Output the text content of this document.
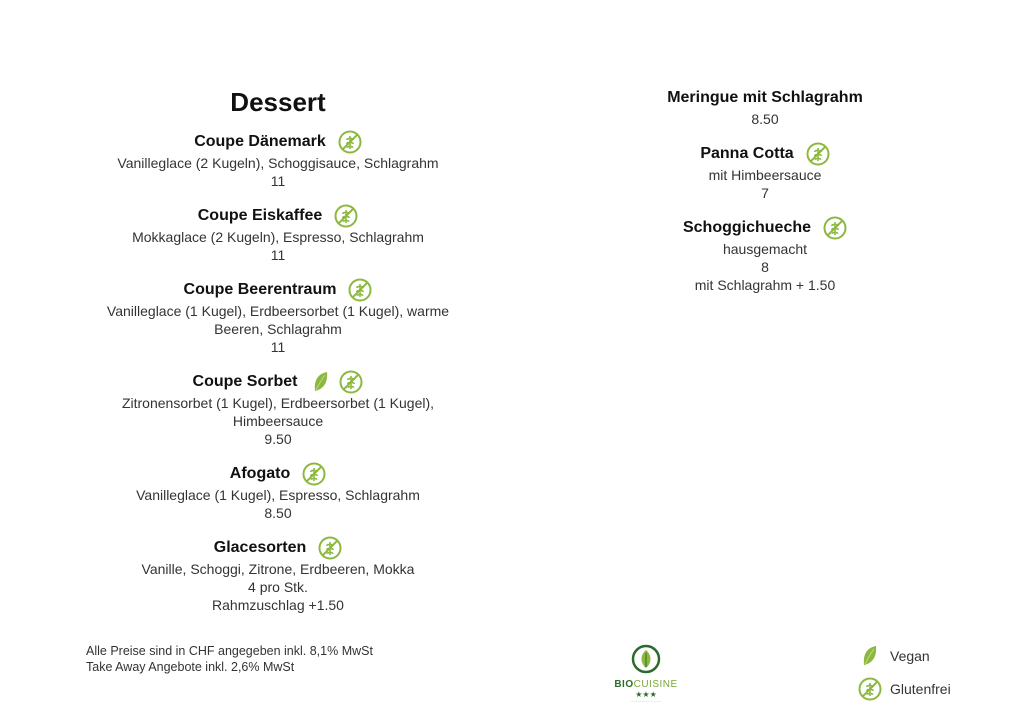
Dessert
Coupe Dänemark
Vanilleglace (2 Kugeln), Schoggisauce, Schlagrahm
11
Coupe Eiskaffee
Mokkaglace (2 Kugeln), Espresso, Schlagrahm
11
Coupe Beerentraum
Vanilleglace (1 Kugel), Erdbeersorbet (1 Kugel), warme
Beeren, Schlagrahm
11
Coupe Sorbet
Zitronensorbet (1 Kugel), Erdbeersorbet (1 Kugel),
Himbeersauce
9.50
Afogato
Vanilleglace (1 Kugel), Espresso, Schlagrahm
8.50
Glacesorten
Vanille, Schoggi, Zitrone, Erdbeeren, Mokka
4 pro Stk.
Rahmzuschlag +1.50
Meringue mit Schlagrahm
8.50
Panna Cotta
mit Himbeersauce
7
Schoggichueche
hausgemacht
8
mit Schlagrahm + 1.50
Alle Preise sind in CHF angegeben inkl. 8,1% MwSt
Take Away Angebote inkl. 2,6% MwSt
BIOCUISINE
★★★
·······················
Vegan
Glutenfrei
